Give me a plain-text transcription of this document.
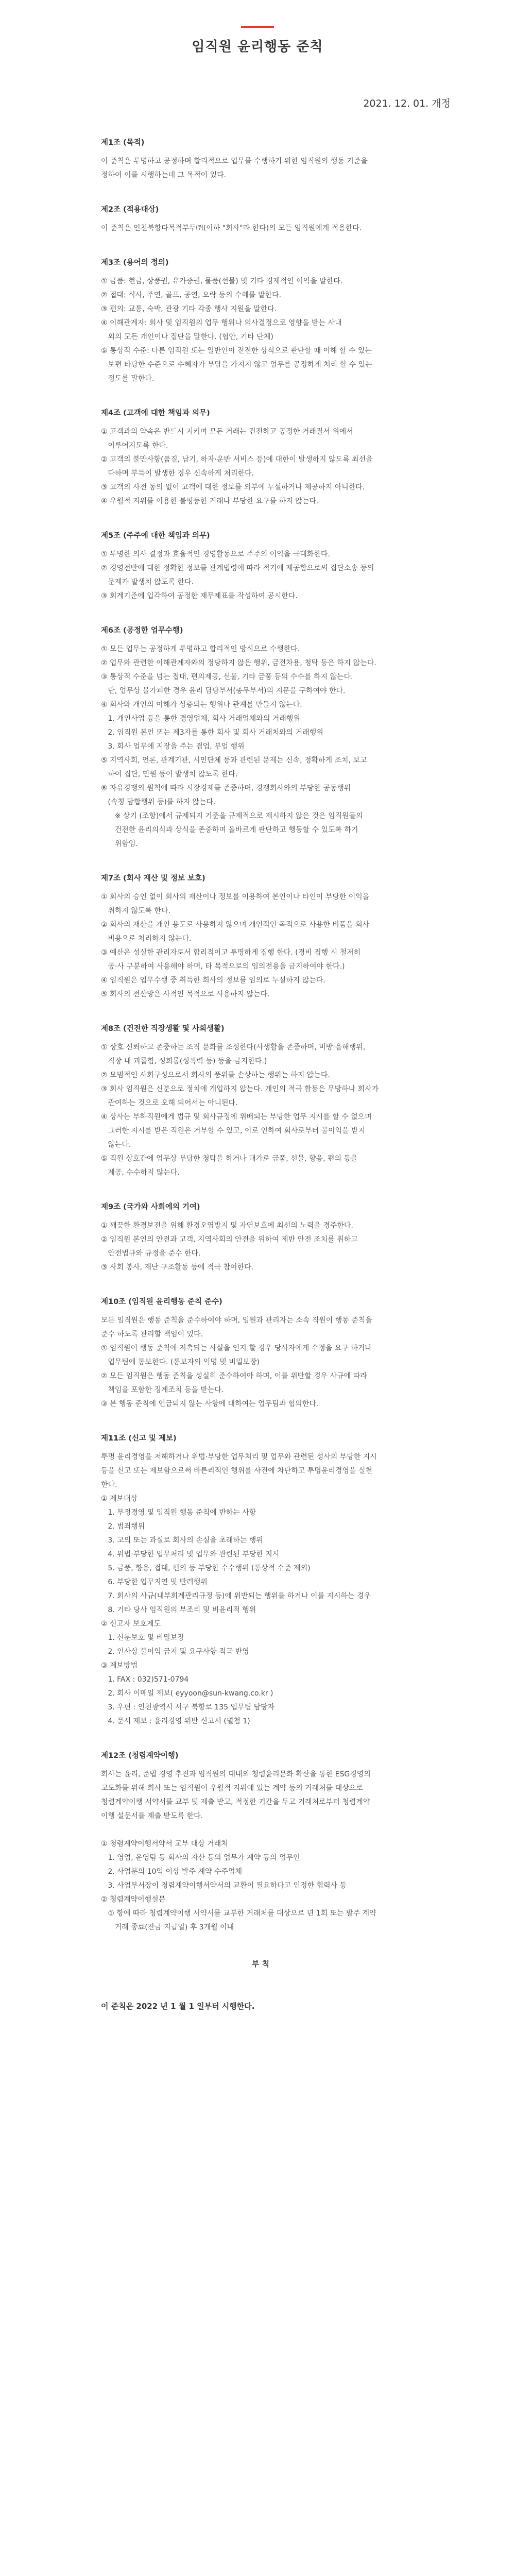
임직원 윤리행동 준칙
2021. 12. 01. 개정
제1조 (목적)
이 준칙은 투명하고 공정하며 합리적으로 업무를 수행하기 위한 임직원의 행동 기준을
정하여 이를 시행하는데 그 목적이 있다.
제2조 (적용대상)
이 준칙은 인천북항다목적부두㈜(이하 "회사"라 한다)의 모든 임직원에게 적용한다.
제3조 (용어의 정의)
① 금품: 현금, 상품권, 유가증권, 물품(선물) 및 기타 경제적인 이익을 말한다.
② 접대: 식사, 주연, 골프, 공연, 오락 등의 수혜를 말한다.
③ 편의: 교통, 숙박, 관광 기타 각종 행사 지원을 말한다.
④ 이해관계자: 회사 및 임직원의 업무 행위나 의사결정으로 영향을 받는 사내
외의 모든 개인이나 집단을 말한다. (협안, 기타 단체)
⑤ 통상적 수준: 다른 임직원 또는 일반인이 전전한 상식으로 판단할 때 이해 할 수 있는
보편 타당한 수준으로 수혜자가 부담을 가지지 않고 업무를 공정하게 처리 할 수 있는
정도를 말한다.
제4조 (고객에 대한 책임과 의무)
① 고객과의 약속은 반드시 지키며 모든 거래는 건전하고 공정한 거래질서 위에서
이루어지도록 한다.
② 고객의 불만사항(품질, 납기, 하자·운반 서비스 등)에 대한이 발생하지 않도록 최선을
다하며 부득이 발생한 경우 신속하게 처리한다.
③ 고객의 사전 동의 없이 고객에 대한 정보를 외부에 누설하거나 제공하지 아니한다.
④ 우월적 지위를 이용한 불평등한 거래나 부당한 요구를 하지 않는다.
제5조 (주주에 대한 책임과 의무)
① 투명한 의사 결정과 효율적인 경영활동으로 주주의 이익을 극대화한다.
② 경영전반에 대한 정확한 정보를 관계법령에 따라 적기에 제공함으로써 집단소송 등의
문제가 발생치 않도록 한다.
③ 회계기준에 입각하여 공정한 재무제표를 작성하여 공시한다.
제6조 (공정한 업무수행)
① 모든 업무는 공정하게 투명하고 합리적인 방식으로 수행한다.
② 업무와 관련한 이해관계자와의 정당하지 않은 행위, 금전차용, 청탁 등은 하지 않는다.
③ 통상적 수준을 넘는 접대, 편의제공, 선물, 기타 금품 등의 수수를 하지 않는다.
단, 업무상 불가피한 경우 윤리 담당부서(총무부서)의 지문을 구하여야 한다.
④ 회사와 개인의 이해가 상충되는 행위나 관계를 만들지 않는다.
1. 개인사업 등을 통한 경영업체, 회사 거래업체와의 거래행위
2. 임직원 본인 또는 제3자를 통한 회사 및 회사 거래처와의 거래행위
3. 회사 업무에 지장을 주는 겸업, 부업 행위
⑤ 지역사회, 언론, 관계기관, 시민단체 등과 관련된 문제는 신속, 정확하게 조치, 보고
하여 집단, 민원 등이 발생치 않도록 한다.
⑥ 자유경쟁의 원칙에 따라 시장경제를 존중하며, 경쟁회사와의 부당한 공동행위
(속칭 담합행위 등)를 하지 않는다.
※ 상기 (조항)에서 규제되지 기준을 규제적으로 제시하지 않은 것은 임직원들의
건전한 윤리의식과 상식을 존중하며 올바르게 판단하고 행동할 수 있도록 하기
위함임.
제7조 (회사 재산 및 정보 보호)
① 회사의 승인 없이 회사의 재산이나 정보를 이용하여 본인이나 타인이 부당한 이익을
취하지 않도록 한다.
② 회사의 재산을 개인 용도로 사용하지 않으며 개인적인 목적으로 사용한 비품을 회사
비용으로 처리하지 않는다.
③ 예산은 성실한 관리자로서 합리적이고 투명하게 집행 한다. (경비 집행 시 철저히
공·사 구분하여 사용해야 하며, 타 목적으로의 임의전용을 금지하여야 한다.)
④ 임직원은 업무수행 중 취득한 회사의 정보를 임의로 누설하지 않는다.
⑤ 회사의 전산망은 사적인 목적으로 사용하지 않는다.
제8조 (건전한 직장생활 및 사회생활)
① 상호 신뢰하고 존중하는 조직 문화를 조성한다(사생활을 존중하며, 비방·음해행위,
직장 내 괴롭힘, 성희롱(성폭력 등) 등을 금지한다.)
② 모범적인 사회구성으로서 회사의 품위를 손상하는 행위는 하지 않는다.
③ 회사 임직원은 신분으로 정치에 개입하지 않는다. 개인의 적극 활동은 무방하나 회사가
관여하는 것으로 오해 되어서는 아니된다.
④ 상사는 부하직원에게 법규 및 회사규정에 위배되는 부당한 업무 지시를 할 수 없으며
그러한 지시를 받은 직원은 거부할 수 있고, 이로 인하여 회사로부터 불이익을 받지
않는다.
⑤ 직원 상호간에 업무상 부당한 청탁을 하거나 대가로 금품, 선물, 향응, 편의 등을
제공, 수수하지 않는다.
제9조 (국가와 사회에의 기여)
① 깨끗한 환경보전을 위해 환경오염방지 및 자연보호에 최선의 노력을 경주한다.
② 임직원 본인의 안전과 고객, 지역사회의 안전을 위하여 제반 안전 조치를 취하고
안전법규와 규정을 준수 한다.
③ 사회 봉사, 재난 구조활동 등에 적극 참여한다.
제10조 (임직원 윤리행동 준칙 준수)
모든 임직원은 행동 준칙을 준수하여야 하며, 임원과 관리자는 소속 직원이 행동 준칙을
준수 하도록 관리할 책임이 있다.
① 임직원이 행동 준칙에 저촉되는 사실을 인지 할 경우 당사자에게 수정을 요구 하거나
업무팀에 통보한다. (통보자의 익명 및 비밀보장)
② 모든 임직원은 행동 준칙을 성실히 준수하여야 하며, 이를 위반할 경우 사규에 따라
책임을 포함한 징계조치 등을 받는다.
③ 본 행동 준칙에 언급되지 않는 사항에 대하여는 업무팀과 협의한다.
제11조 (신고 및 제보)
투명 윤리경영을 저해하거나 위법·부당한 업무처리 및 업무와 관련된 성사의 부당한 지시
등을 신고 또는 제보함으로써 바른리적인 행위를 사전에 차단하고 투명윤리경영을 실천
한다.
① 제보대상
1. 부정경영 및 임직원 행동 준칙에 반하는 사항
2. 범죄행위
3. 고의 또는 과실로 회사의 손실을 초래하는 행위
4. 위법·부당한 업무처리 및 업무와 관련된 부당한 지시
5. 금품, 향응, 접대, 편의 등 부당한 수수행위 (통상적 수준 제외)
6. 부당한 업무지연 및 반려행위
7. 회사의 사규(내부회계관리규정 등)에 위반되는 행위를 하거나 이를 지시하는 경우
8. 기타 당사 임직원의 부조리 및 비윤리적 행위
② 신고자 보호제도
1. 신분보호 및 비밀보장
2. 인사상 불이익 금지 및 요구사항 적극 반영
③ 제보방법
1. FAX : 032)571-0794
2. 회사 이메일 제보( eyyoon@sun-kwang.co.kr )
3. 우편 : 인천광역시 서구 북항로 135 업무팀 담당자
4. 문서 제보 : 윤리경영 위반 신고서 (별첨 1)
제12조 (청렴계약이행)
회사는 윤리, 준법 경영 추진과 임직원의 대내외 청렴윤리문화 확산을 통한 ESG경영의
고도화를 위해 회사 또는 임직원이 우월적 지위에 있는 계약 등의 거래처를 대상으로
청렴계약이행 서약서를 교부 및 제출 받고, 적정한 기간을 두고 거래처로부터 청렴계약
이행 설문서를 제출 받도록 한다.
① 청렴계약이행서약서 교부 대상 거래처
1. 영업, 운영팀 등 회사의 자산 등의 업무가 계약 등의 업무인
2. 사업분의 10억 이상 발주 계약 수주업체
3. 사업부서장이 청렴계약이행서약서의 교환이 필요하다고 인정한 협력사 등
② 청렴계약이행설문
① 항에 따라 청렴계약이행 서약서를 교부한 거래처를 대상으로 년 1회 또는 발주 계약
거래 종료(잔금 지급일) 후 3개월 이내
부 칙
이 준칙은 2022 년 1 월 1 일부터 시행한다.
